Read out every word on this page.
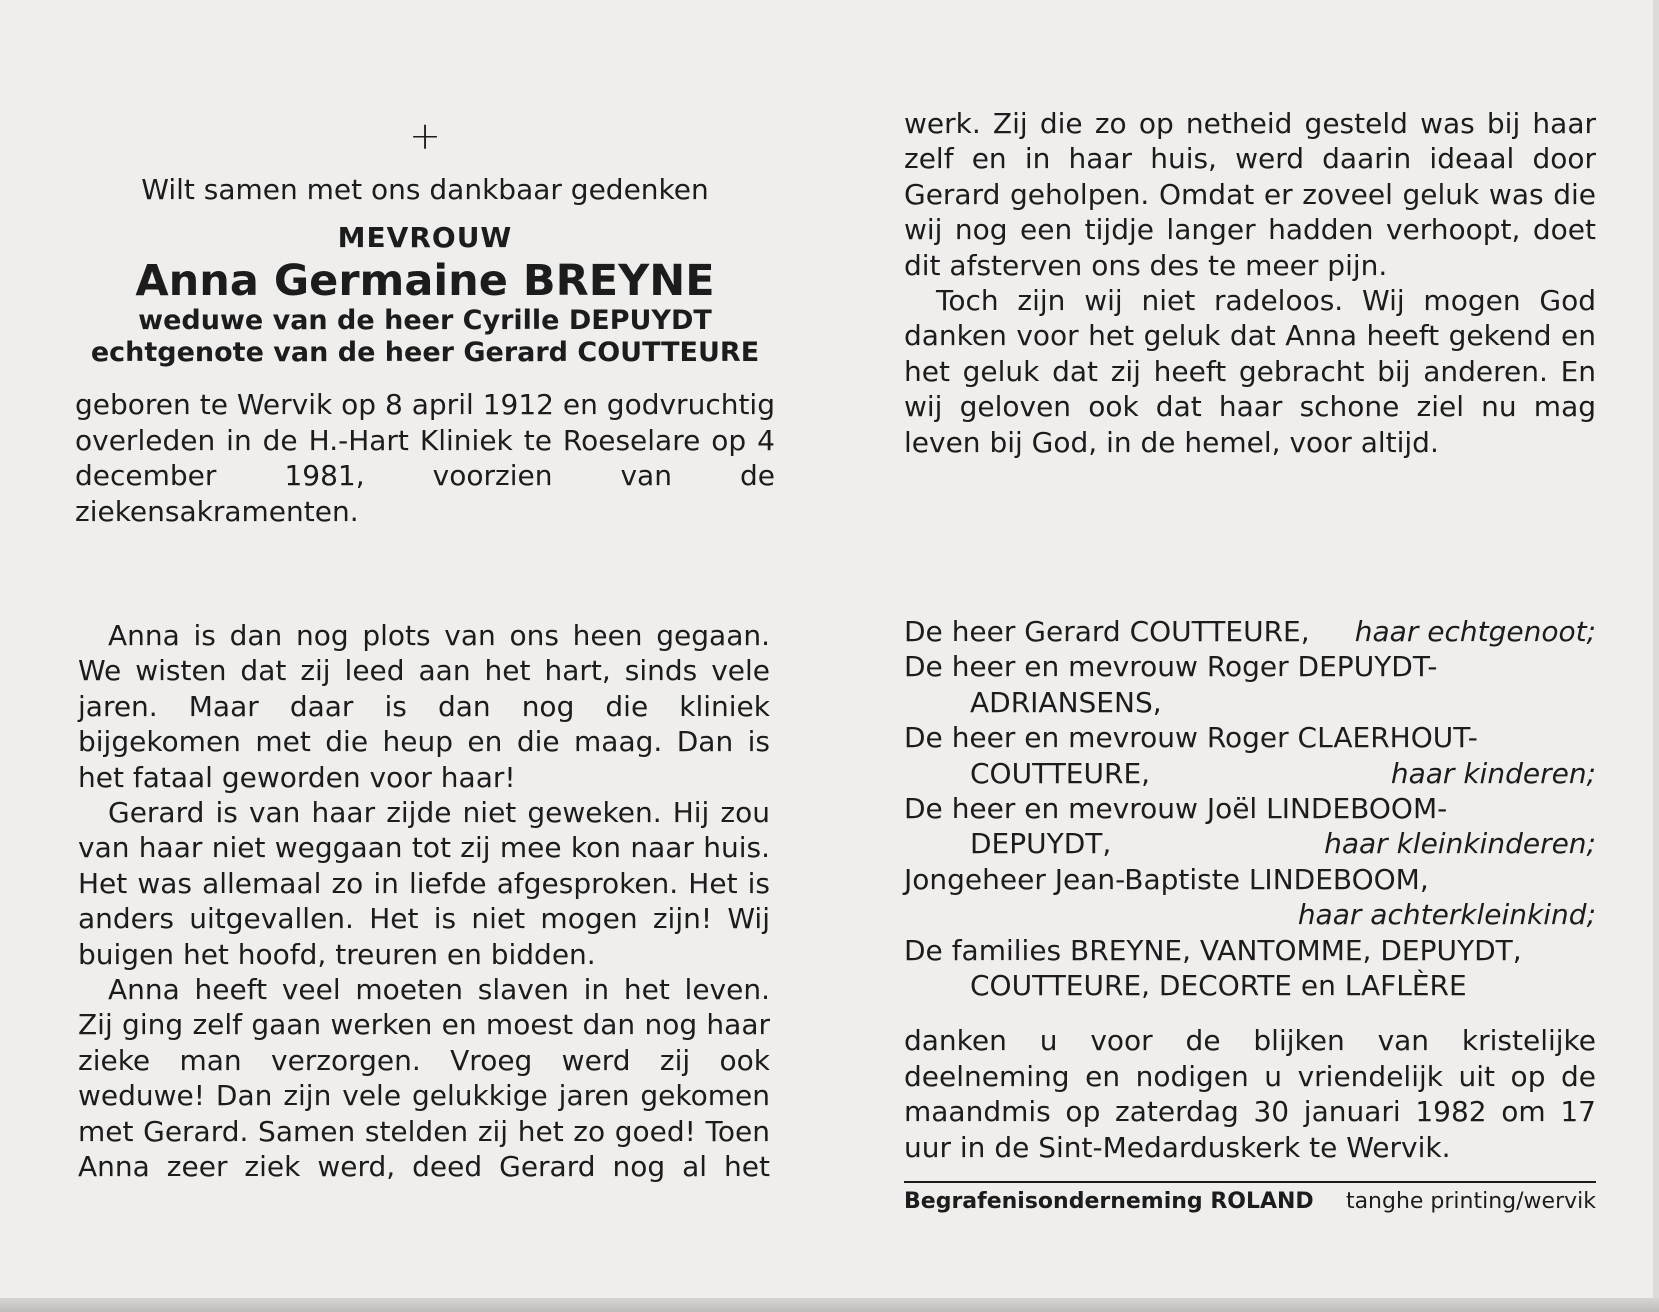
+

Wilt samen met ons dankbaar gedenken

MEVROUW

Anna Germaine BREYNE

weduwe van de heer Cyrille DEPUYDT

echtgenote van de heer Gerard COUTTEURE

geboren te Wervik op 8 april 1912 en godvruchtig overleden in de H.-Hart Kliniek te Roeselare op 4 december 1981, voorzien van de ziekensakramenten.

Anna is dan nog plots van ons heen gegaan. We wisten dat zij leed aan het hart, sinds vele jaren. Maar daar is dan nog die kliniek bijgekomen met die heup en die maag. Dan is het fataal geworden voor haar!

Gerard is van haar zijde niet geweken. Hij zou van haar niet weggaan tot zij mee kon naar huis. Het was allemaal zo in liefde afgesproken. Het is anders uitgevallen. Het is niet mogen zijn! Wij buigen het hoofd, treuren en bidden.

Anna heeft veel moeten slaven in het leven. Zij ging zelf gaan werken en moest dan nog haar zieke man verzorgen. Vroeg werd zij ook weduwe! Dan zijn vele gelukkige jaren gekomen met Gerard. Samen stelden zij het zo goed! Toen Anna zeer ziek werd, deed Gerard nog al het

werk. Zij die zo op netheid gesteld was bij haar zelf en in haar huis, werd daarin ideaal door Gerard geholpen. Omdat er zoveel geluk was die wij nog een tijdje langer hadden verhoopt, doet dit afsterven ons des te meer pijn.

Toch zijn wij niet radeloos. Wij mogen God danken voor het geluk dat Anna heeft gekend en het geluk dat zij heeft gebracht bij anderen. En wij geloven ook dat haar schone ziel nu mag leven bij God, in de hemel, voor altijd.

De heer Gerard COUTTEURE, haar echtgenoot;
De heer en mevrouw Roger DEPUYDT-
ADRIANSENS,
De heer en mevrouw Roger CLAERHOUT-
COUTTEURE,	haar kinderen;
De heer en mevrouw Joël LINDEBOOM-
DEPUYDT,	haar kleinkinderen;
Jongeheer Jean-Baptiste LINDEBOOM,
haar achterkleinkind;
De families BREYNE, VANTOMME, DEPUYDT,
COUTTEURE, DECORTE en LAFLÈRE

danken u voor de blijken van kristelijke deelneming en nodigen u vriendelijk uit op de maandmis op zaterdag 30 januari 1982 om 17 uur in de Sint-Medarduskerk te Wervik.

Begrafenisonderneming ROLAND tanghe printing/wervik
